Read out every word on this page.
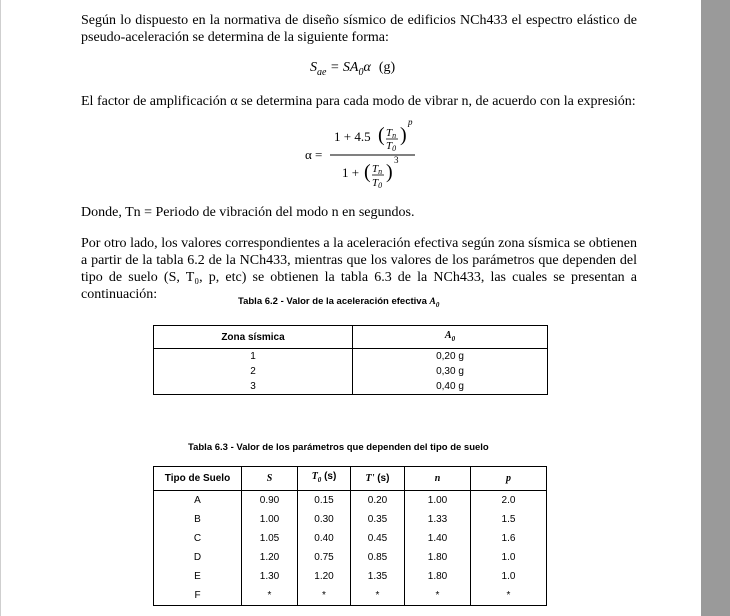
Según lo dispuesto en la normativa de diseño sísmico de edificios NCh433 el espectro elástico de pseudo-aceleración se determina de la siguiente forma:

$S_{ae} = SA_0\alpha$ (g)

El factor de amplificación α se determina para cada modo de vibrar n, de acuerdo con la expresión:

α =
1 + 4.5 ( Tn
T0
)
p
1 + ( Tn
T0
)
3

Donde, Tn = Periodo de vibración del modo n en segundos.

Por otro lado, los valores correspondientes a la aceleración efectiva según zona sísmica se obtienen a partir de la tabla 6.2 de la NCh433, mientras que los valores de los parámetros que dependen del tipo de suelo (S, T₀, p, etc) se obtienen la tabla 6.3 de la NCh433, las cuales se presentan a continuación:	Tabla 6.2 - Valor de la aceleración efectiva $A_0$

Zona sísmica	$A_0$
1	0,20 g
2	0,30 g
3	0,40 g

Tabla 6.3 - Valor de los parámetros que dependen del tipo de suelo

Tipo de Suelo	S	$T_0$ (s)	T' (s)	n	p
A	0.90	0.15	0.20	1.00	2.0
B	1.00	0.30	0.35	1.33	1.5
C	1.05	0.40	0.45	1.40	1.6
D	1.20	0.75	0.85	1.80	1.0
E	1.30	1.20	1.35	1.80	1.0
F	*	*	*	*	*
